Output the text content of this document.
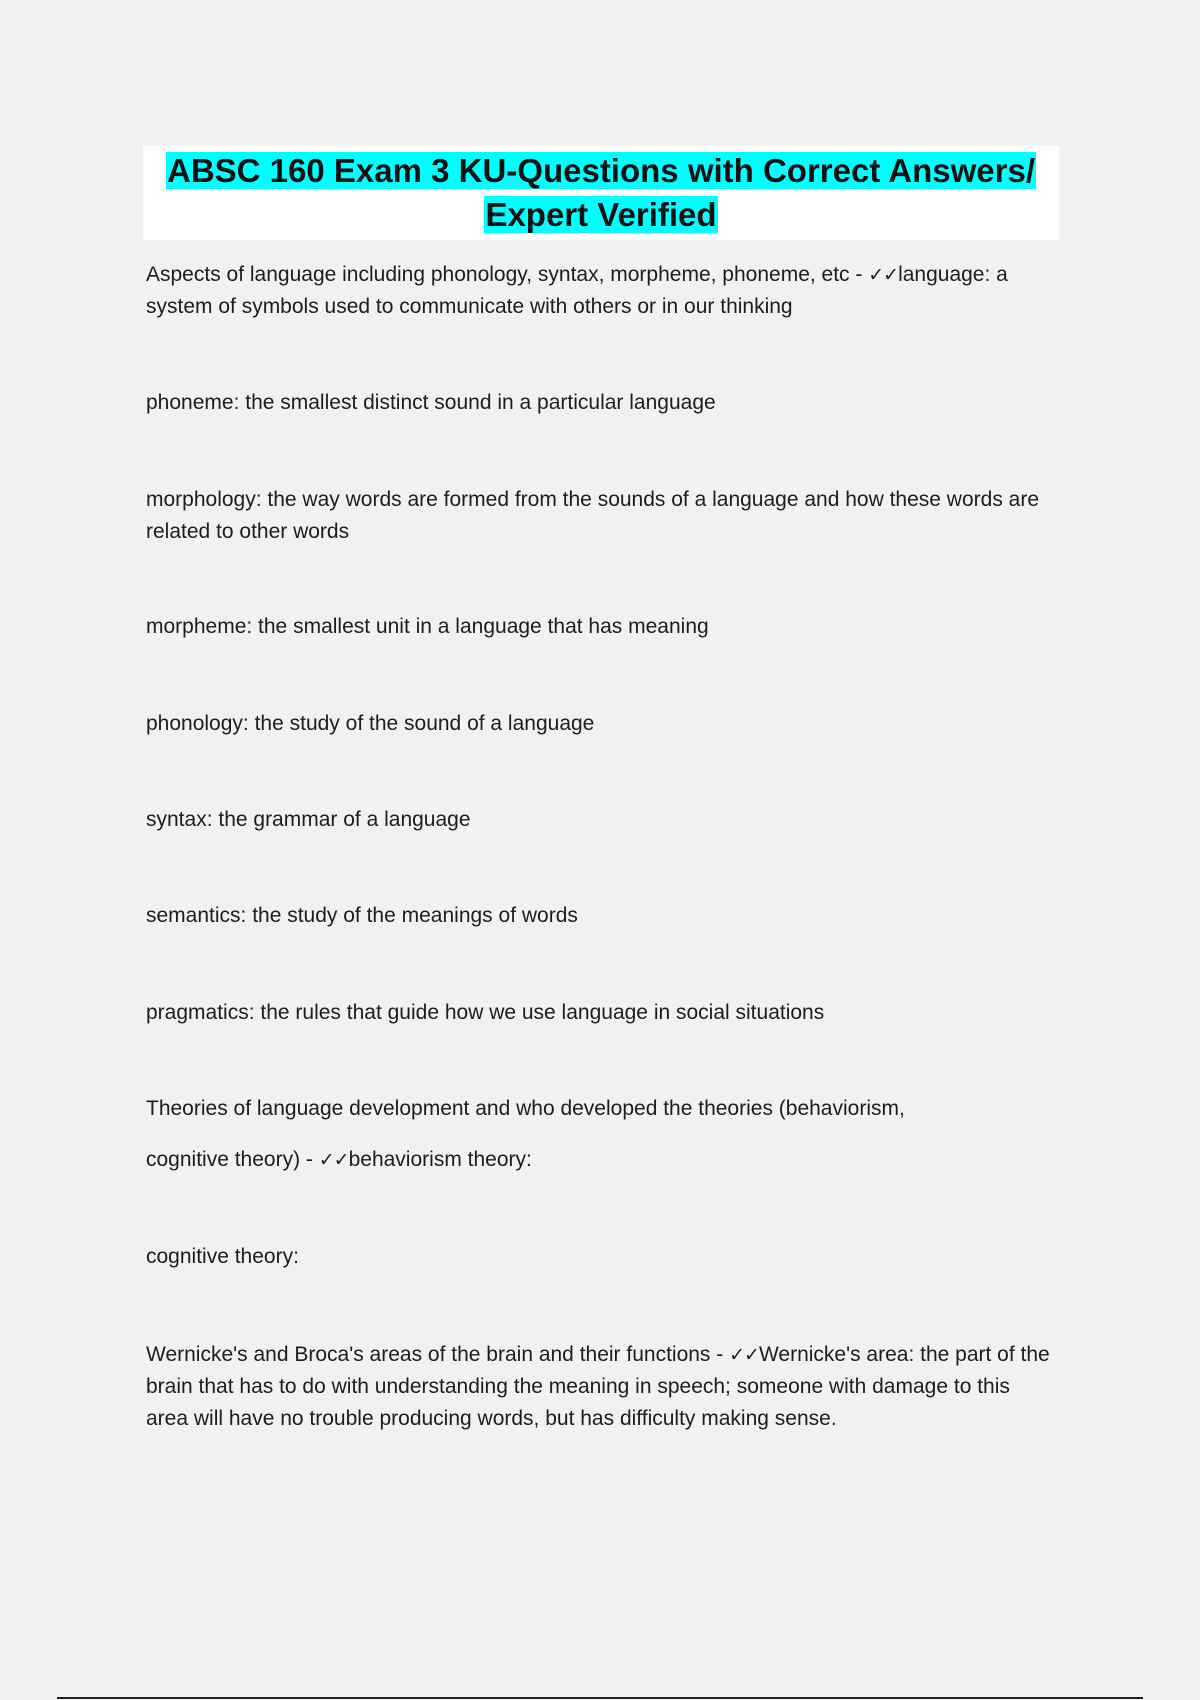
ABSC 160 Exam 3 KU-Questions with Correct Answers/
Expert Verified
Aspects of language including phonology, syntax, morpheme, phoneme, etc - ✓✓language: a system of symbols used to communicate with others or in our thinking
phoneme: the smallest distinct sound in a particular language
morphology: the way words are formed from the sounds of a language and how these words are related to other words
morpheme: the smallest unit in a language that has meaning
phonology: the study of the sound of a language
syntax: the grammar of a language
semantics: the study of the meanings of words
pragmatics: the rules that guide how we use language in social situations
Theories of language development and who developed the theories (behaviorism,
cognitive theory) - ✓✓behaviorism theory:
cognitive theory:
Wernicke's and Broca's areas of the brain and their functions - ✓✓Wernicke's area: the part of the brain that has to do with understanding the meaning in speech; someone with damage to this area will have no trouble producing words, but has difficulty making sense.
